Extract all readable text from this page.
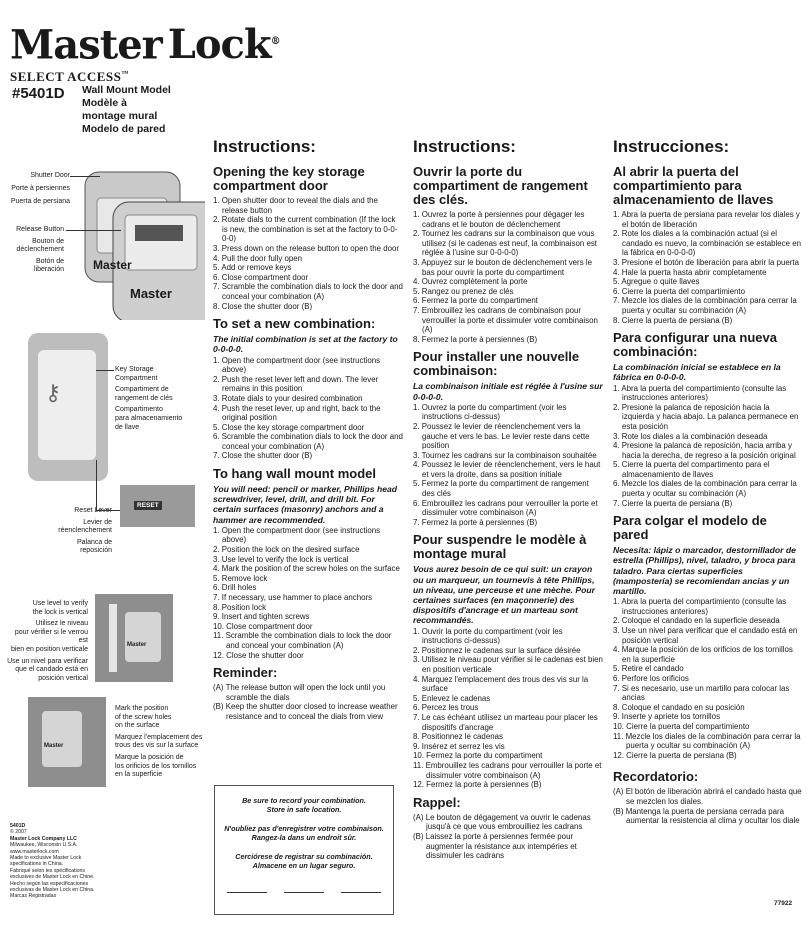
Master Lock®
SELECT ACCESS™
#5401D Wall Mount Model
Modèle à
montage mural
Modelo de pared
Master
Master
Shutter Door
Porte à persiennes
Puerta de persiana
Release Button
Bouton de
déclenchement
Botón de
liberación
⚷
Key Storage
Compartment
Compartiment de
rangement de clés
Compartimento
para almacenamiento
de llave
RESET
Reset Lever
Levier de
réenclenchement
Palanca de
reposición
Master
Use level to verify
the lock is vertical
Utilisez le niveau
pour vérifier si le verrou est
bien en position verticale
Use un nivel para verificar
que el candado está en
posición vertical
Master
Mark the position
of the screw holes
on the surface
Marquez l'emplacement des
trous des vis sur la surface
Marque la posición de
los orificios de los tornillos
en la superficie
5401D
© 2007
Master Lock Company LLC
Milwaukee, Wisconsin U.S.A.
www.masterlock.com
Made to exclusive Master Lock
specifications in China.
Fabriqué selon les spécifications
exclusives de Master Lock en Chine.
Hecho según las especificaciones
exclusivas de Master Lock en China.
Marcas Registradas
77922
Instructions:
Opening the key storage compartment door
1. Open shutter door to reveal the dials and the release button
2. Rotate dials to the current combination (If the lock is new, the combination is set at the factory to 0-0-0-0)
3. Press down on the release button to open the door
4. Pull the door fully open
5. Add or remove keys
6. Close compartment door
7. Scramble the combination dials to lock the door and conceal your combination (A)
8. Close the shutter door (B)
To set a new combination:
The initial combination is set at the factory to 0-0-0-0.
1. Open the compartment door (see instructions above)
2. Push the reset lever left and down. The lever remains in this position
3. Rotate dials to your desired combination
4. Push the reset lever, up and right, back to the original position
5. Close the key storage compartment door
6. Scramble the combination dials to lock the door and conceal your combination (A)
7. Close the shutter door (B)
To hang wall mount model
You will need: pencil or marker, Phillips head screwdriver, level, drill, and drill bit. For certain surfaces (masonry) anchors and a hammer are recommended.
1. Open the compartment door (see instructions above)
2. Position the lock on the desired surface
3. Use level to verify the lock is vertical
4. Mark the position of the screw holes on the surface
5. Remove lock
6. Drill holes
7. If necessary, use hammer to place anchors
8. Position lock
9. Insert and tighten screws
10. Close compartment door
11. Scramble the combination dials to lock the door and conceal your combination (A)
12. Close the shutter door
Reminder:
(A) The release button will open the lock until you scramble the dials
(B) Keep the shutter door closed to increase weather resistance and to conceal the dials from view

Be sure to record your combination.

Store in safe location.

N'oubliez pas d'enregistrer votre combinaison.

Rangez-la dans un endroit sûr.

Cerciórese de registrar su combinación.

Almacene en un lugar seguro.

Instructions:
Ouvrir la porte du compartiment de rangement des clés.
1. Ouvrez la porte à persiennes pour dégager les cadrans et le bouton de déclenchement
2. Tournez les cadrans sur la combinaison que vous utilisez (si le cadenas est neuf, la combinaison est réglée à l'usine sur 0-0-0-0)
3. Appuyez sur le bouton de déclenchement vers le bas pour ouvrir la porte du compartiment
4. Ouvrez complètement la porte
5. Rangez ou prenez de clés
6. Fermez la porte du compartiment
7. Embrouillez les cadrans de combinaison pour verrouiller la porte et dissimuler votre combinaison (A)
8. Fermez la porte à persiennes (B)
Pour installer une nouvelle combinaison:
La combinaison initiale est réglée à l'usine sur 0-0-0-0.
1. Ouvrez la porte du compartiment (voir les instructions ci-dessus)
2. Poussez le levier de réenclenchement vers la gauche et vers le bas. Le levier reste dans cette position
3. Tournez les cadrans sur la combinaison souhaitée
4. Poussez le levier de réenclenchement, vers le haut et vers la droite, dans sa position initiale
5. Fermez la porte du compartiment de rangement des clés
6. Embrouillez les cadrans pour verrouiller la porte et dissimuler votre combinaison (A)
7. Fermez la porte à persiennes (B)
Pour suspendre le modèle à montage mural
Vous aurez besoin de ce qui suit: un crayon ou un marqueur, un tournevis à tête Phillips, un niveau, une perceuse et une mèche. Pour certaines surfaces (en maçonnerie) des dispositifs d'ancrage et un marteau sont recommandés.
1. Ouvrir la porte du compartiment (voir les instructions ci-dessus)
2. Positionnez le cadenas sur la surface désirée
3. Utilisez le niveau pour vérifier si le cadenas est bien en position verticale
4. Marquez l'emplacement des trous des vis sur la surface
5. Enlevez le cadenas
6. Percez les trous
7. Le cas échéant utilisez un marteau pour placer les dispositifs d'ancrage
8. Positionnez le cadenas
9. Insérez et serrez les vis
10. Fermez la porte du compartiment
11. Embrouillez les cadrans pour verrouiller la porte et dissimuler votre combinaison (A)
12. Fermez la porte à persiennes (B)
Rappel:
(A) Le bouton de dégagement va ouvrir le cadenas jusqu'à ce que vous embrouilliez les cadrans
(B) Laissez la porte à persiennes fermée pour augmenter la résistance aux intempéries et dissimuler les cadrans
Instrucciones:
Al abrir la puerta del compartimiento para almacenamiento de llaves
1. Abra la puerta de persiana para revelar los diales y el botón de liberación
2. Rote los diales a la combinación actual (si el candado es nuevo, la combinación se establece en la fábrica en 0-0-0-0)
3. Presione el botón de liberación para abrir la puerta
4. Hale la puerta hasta abrir completamente
5. Agregue o quite llaves
6. Cierre la puerta del compartimiento
7. Mezcle los diales de la combinación para cerrar la puerta y ocultar su combinación (A)
8. Cierre la puerta de persiana (B)
Para configurar una nueva combinación:
La combinación inicial se establece en la fábrica en 0-0-0-0.
1. Abra la puerta del compartimiento (consulte las instrucciones anteriores)
2. Presione la palanca de reposición hacia la izquierda y hacia abajo. La palanca permanece en esta posición
3. Rote los diales a la combinación deseada
4. Presione la palanca de reposición, hacia arriba y hacia la derecha, de regreso a la posición original
5. Cierre la puerta del compartimento para el almacenamiento de llaves
6. Mezcle los diales de la combinación para cerrar la puerta y ocultar su combinación (A)
7. Cierre la puerta de persiana (B)
Para colgar el modelo de pared
Necesita: lápiz o marcador, destornillador de estrella (Phillips), nivel, taladro, y broca para taladro. Para ciertas superficies (mampostería) se recomiendan ancias y un martillo.
1. Abra la puerta del compartimiento (consulte las instrucciones anteriores)
2. Coloque el candado en la superficie deseada
3. Use un nivel para verificar que el candado está en posición vertical
4. Marque la posición de los orificios de los tornillos en la superficie
5. Retire el candado
6. Perfore los orificios
7. Si es necesario, use un martillo para colocar las ancias
8. Coloque el candado en su posición
9. Inserte y apriete los tornillos
10. Cierre la puerta del compartimiento
11. Mezcle los diales de la combinación para cerrar la puerta y ocultar su combinación (A)
12. Cierre la puerta de persiana (B)
Recordatorio:
(A) El botón de liberación abrirá el candado hasta que se mezclen los diales.
(B) Mantenga la puerta de persiana cerrada para aumentar la resistencia al clima y ocultar los diale
